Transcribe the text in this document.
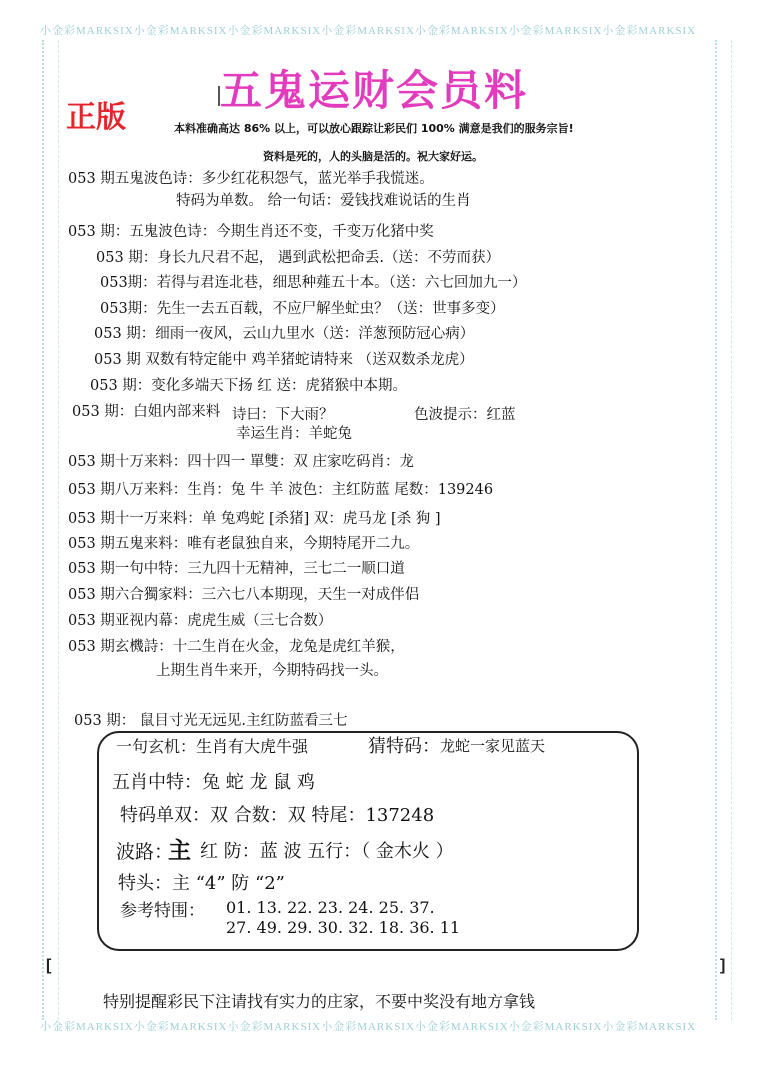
小金彩MARKSIX小金彩MARKSIX小金彩MARKSIX小金彩MARKSIX小金彩MARKSIX小金彩MARKSIX小金彩MARKSIX
小金彩MARKSIX小金彩MARKSIX小金彩MARKSIX小金彩MARKSIX小金彩MARKSIX小金彩MARKSIX小金彩MARKSIX
五鬼运财会员料
正版	本料准确高达 86% 以上，可以放心跟踪让彩民们 100% 满意是我们的服务宗旨!
资料是死的，人的头脑是活的。祝大家好运。
053 期五鬼波色诗：多少红花积怨气，蓝光举手我慌迷。
特码为单数。 给一句话：爱钱找难说话的生肖
053 期：五鬼波色诗：今期生肖还不变，千变万化猪中奖
053 期：身长九尺君不起， 遇到武松把命丢.（送：不劳而获）
053期：若得与君连北巷，细思种薤五十本。（送：六七回加九一）
053期：先生一去五百载，不应尸解坐虻虫？（送：世事多变）
053 期：细雨一夜风，云山九里水（送：洋葱预防冠心病）
053 期 双数有特定能中 鸡羊猪蛇请特来 （送双数杀龙虎）
053 期：变化多端天下扬 红 送：虎猪猴中本期。
053 期：白姐内部来料 诗曰：下大雨？	色波提示：红蓝
幸运生肖：羊蛇兔
053 期十万来料：四十四一 單雙：双 庄家吃码肖：龙
053 期八万来料：生肖：兔 牛 羊 波色：主红防蓝 尾数：139246
053 期十一万来料：单 兔鸡蛇 [杀猪] 双：虎马龙 [杀 狗 ]
053 期五鬼来料：唯有老鼠独自来，今期特尾开二九。
053 期一句中特：三九四十无精神，三七二一顺口道
053 期六合獨家料：三六七八本期现，天生一对成伴侣
053 期亚视内幕：虎虎生威（三七合数）
053 期玄機詩：十二生肖在火金，龙兔是虎红羊猴，
上期生肖牛来开，今期特码找一头。
053 期： 鼠目寸光无远见.主红防蓝看三七
一句玄机：生肖有大虎牛强	猜特码： 龙蛇一家见蓝天
五肖中特：兔 蛇 龙 鼠 鸡
特码单双：双 合数：双 特尾：137248
波路：
主 红 防：蓝 波 五行：（ 金木火 ）
特头：主 “4” 防 “2”
参考特围： 01. 13. 22. 23. 24. 25. 37.
27. 49. 29. 30. 32. 18. 36. 11
[	]
特别提醒彩民下注请找有实力的庄家，不要中奖没有地方拿钱
